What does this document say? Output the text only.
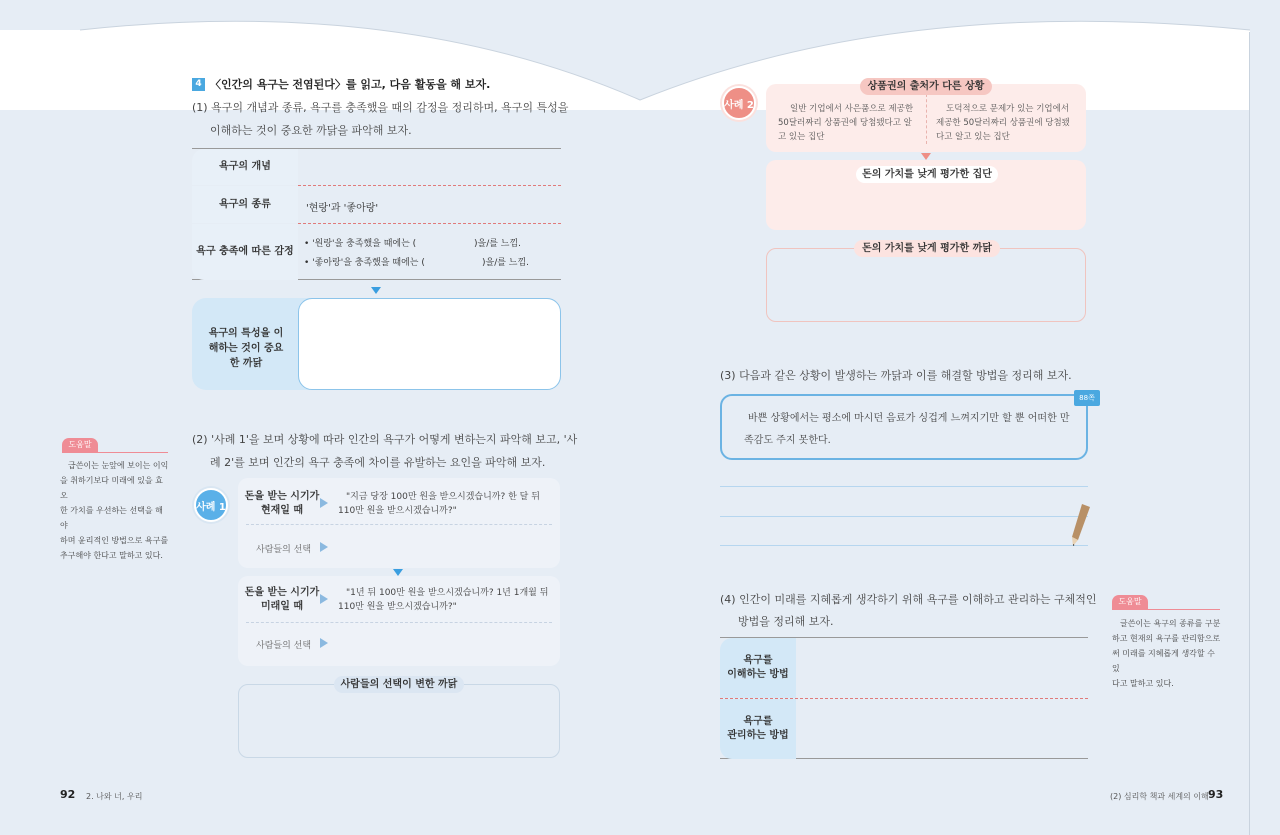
4 〈인간의 욕구는 전염된다〉를 읽고, 다음 활동을 해 보자.
(1) 욕구의 개념과 종류, 욕구를 충족했을 때의 감정을 정리하며, 욕구의 특성을
이해하는 것이 중요한 까닭을 파악해 보자.
욕구의 개념
욕구의 종류	'현랑'과 '좋아랑'
욕구 충족에 따른 감정
• '원랑'을 충족했을 때에는 (	)을/를 느낌.
• '좋아랑'을 충족했을 때에는 (	)을/를 느낌.
욕구의 특성을 이해하는 것이 중요한 까닭
(2) '사례 1'을 보며 상황에 따라 인간의 욕구가 어떻게 변하는지 파악해 보고, '사
례 2'를 보며 인간의 욕구 충족에 차이를 유발하는 요인을 파악해 보자.
사례 1
돈을 받는 시기가
현재일 때
"지금 당장 100만 원을 받으시겠습니까? 한 달 뒤
110만 원을 받으시겠습니까?"
사람들의 선택
돈을 받는 시기가
미래일 때
"1년 뒤 100만 원을 받으시겠습니까? 1년 1개월 뒤
110만 원을 받으시겠습니까?"
사람들의 선택
사람들의 선택이 변한 까닭
도움말
급쓴이는 눈앞에 보이는 이익
을 취하기보다 미래에 있을 효오
한 가치를 우선하는 선택을 해야
하며 윤리적인 방법으로 욕구를
추구해야 한다고 말하고 있다.
92 2. 나와 너, 우리
사례 2	일반 기업에서 사은품으로 제공한
50달러짜리 상품권에 당첨됐다고 알
고 있는 집단
도덕적으로 문제가 있는 기업에서
제공한 50달러짜리 상품권에 당첨됐
다고 알고 있는 집단
상품권의 출처가 다른 상황
돈의 가치를 낮게 평가한 집단
돈의 가치를 낮게 평가한 까닭
(3) 다음과 같은 상황이 발생하는 까닭과 이를 해결할 방법을 정리해 보자.
바쁜 상황에서는 평소에 마시던 음료가 싱겁게 느껴지기만 할 뿐 어떠한 만
족감도 주지 못한다.
88쪽
(4) 인간이 미래를 지혜롭게 생각하기 위해 욕구를 이해하고 관리하는 구체적인
방법을 정리해 보자.
욕구를
이해하는 방법
욕구를
관리하는 방법
도움말
글쓴이는 욕구의 종류를 구분
하고 현재의 욕구를 관리함으로
써 미래를 지혜롭게 생각할 수 있
다고 말하고 있다.
(2) 심리학 책과 세계의 이해 93
